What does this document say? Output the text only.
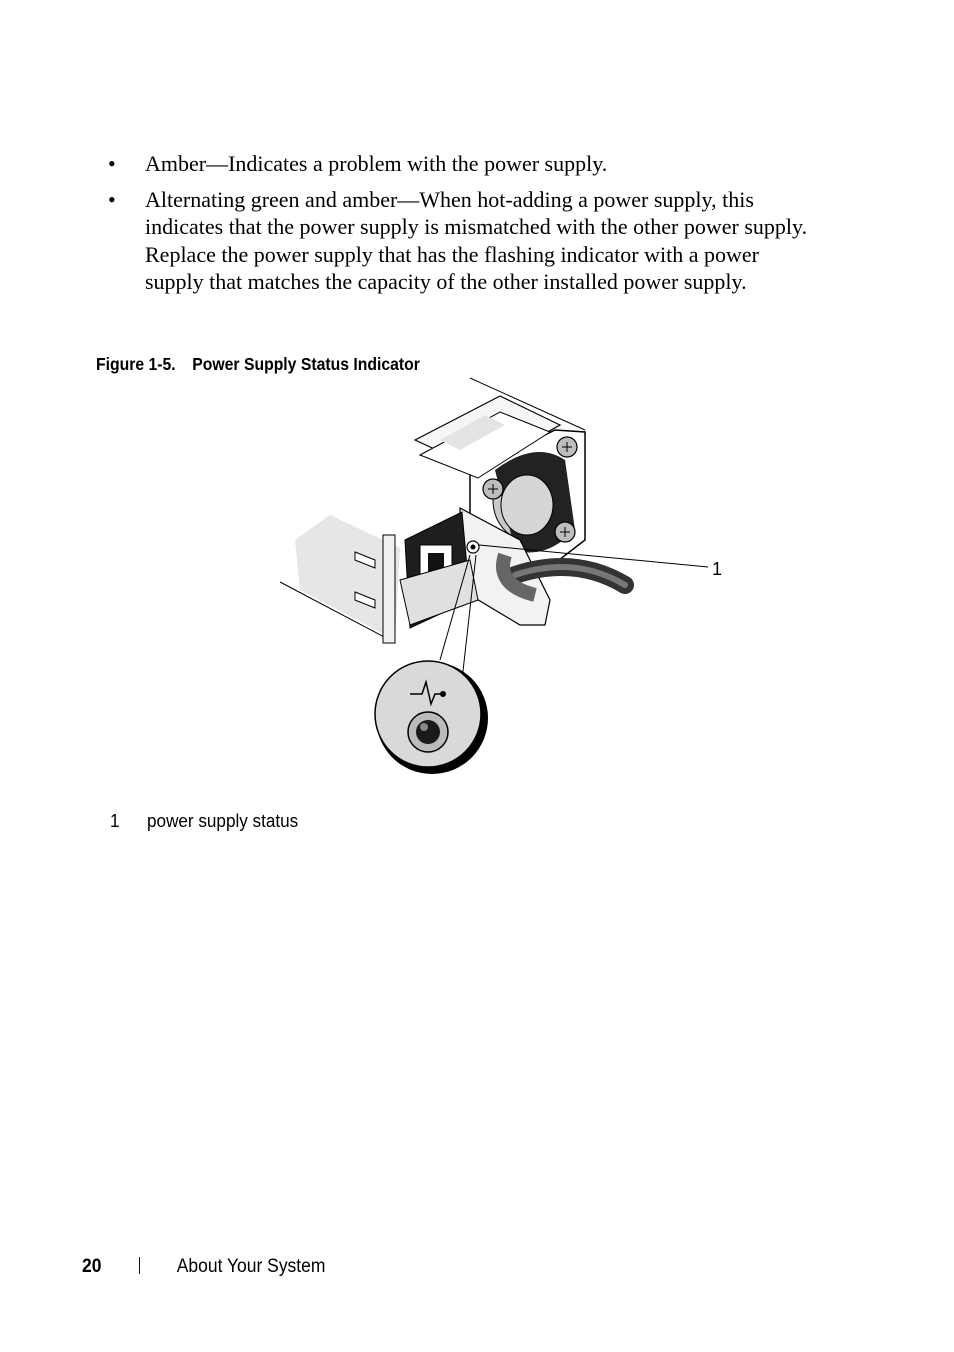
• Amber—Indicates a problem with the power supply.
• Alternating green and amber—When hot-adding a power supply, this indicates that the power supply is mismatched with the other power supply. Replace the power supply that has the flashing indicator with a power supply that matches the capacity of the other installed power supply.
Figure 1-5. Power Supply Status Indicator
1
1 power supply status
20	About Your System
